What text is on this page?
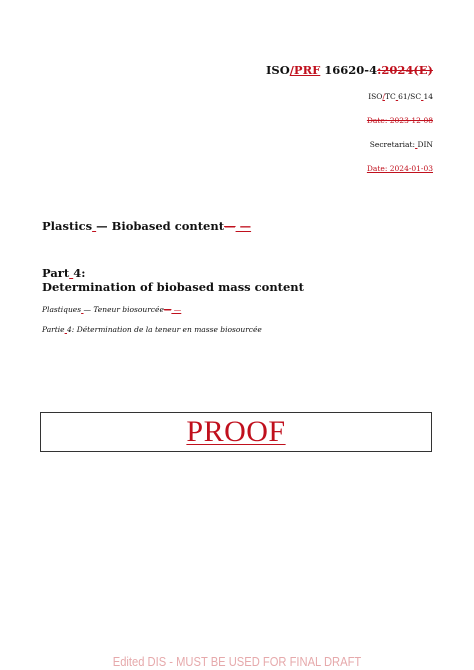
ISO/PRF 16620-4:2024(E)
ISO/TC 61/SC 14
Date: 2023-12-08
Secretariat: DIN
Date: 2024-01-03
Plastics — Biobased content— —
Part 4:
Determination of biobased mass content
Plastiques — Teneur biosourcée— —
Partie 4: Détermination de la teneur en masse biosourcée
PROOF
Edited DIS - MUST BE USED FOR FINAL DRAFT
